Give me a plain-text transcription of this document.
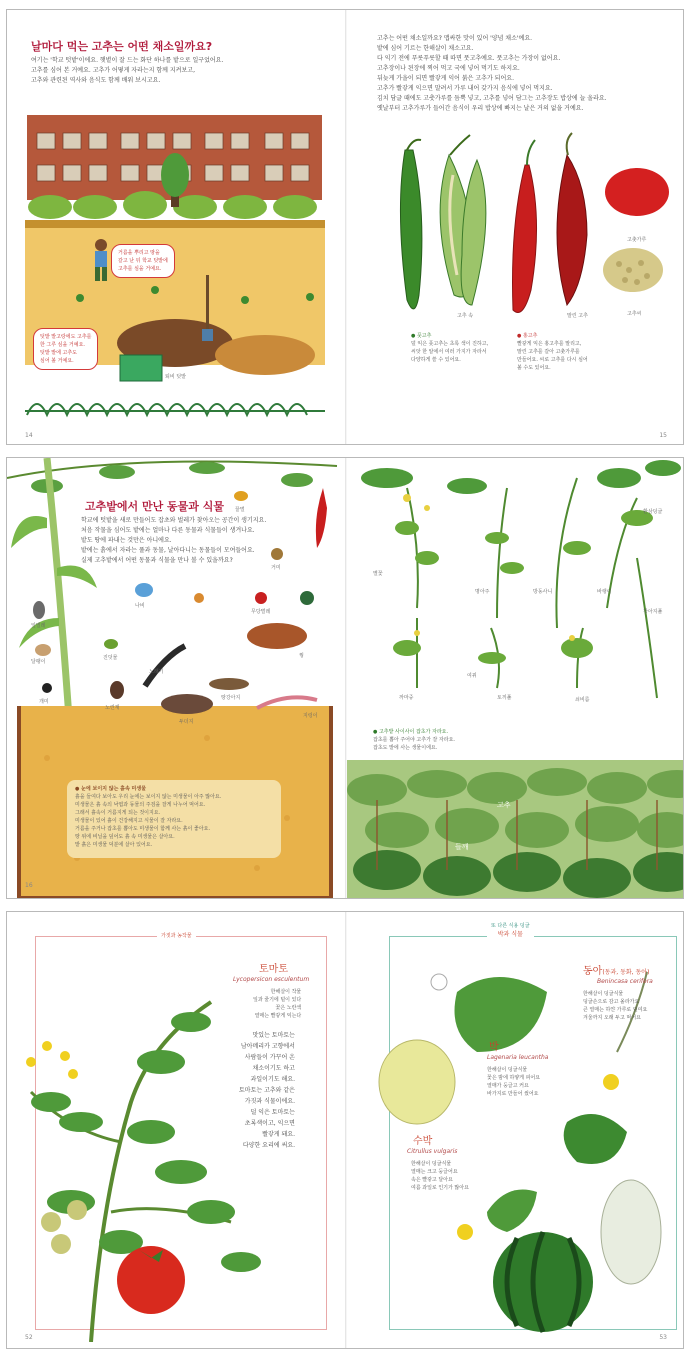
날마다 먹는 고추는 어떤 채소일까요?
여기는 '학교 텃밭'이에요. 햇볕이 잘 드는 화단 하나를 밭으로 일구었어요.
고추를 심어 본 거예요. 고추가 어떻게 자라는지 함께 지켜보고,
고추와 관련된 역사와 음식도 함께 배워 보시고요.
거름을 뿌리고 땅을
갈고 난 뒤 학교 텃밭에
고추를 심을 거예요.
텃밭 밭고랑에도 고추를
한 그루 심을 거예요.
텃밭 밭에 고추도
심어 볼 거예요.
퇴비 텃밭
14
고추는 어떤 채소일까요? 맵싸한 맛이 있어 '양념 채소'예요.
밭에 심어 기르는 한해살이 채소고요.
다 익기 전에 푸릇푸릇할 때 따면 풋고추예요. 풋고추는 가장이 없어요.
고추장이나 된장에 찍어 먹고 국에 넣어 먹기도 하지요.
뒤늦게 가을이 되면 빨갛게 익어 붉은 고추가 되어요.
고추가 빨갛게 익으면 말려서 가루 내어 갖가지 음식에 넣어 먹지요.
김치 담글 때에도 고춧가루를 듬뿍 넣고, 고추를 넣어 담그는 고추장도 밥상에 늘 올라요.
옛날부터 고추가루가 들어간 음식이 우리 밥상에 빠지는 날은 거의 없을 거예요.
고추 속	말린 고추
고춧가루
고추씨
● 풋고추
덜 익은 풋고추는 초록 색이 진하고,
씨앗 한 알에서 여러 가지가 자라서
다양하게 쓸 수 있어요.
● 홍고추
빨갛게 익은 홍고추를 말리고,
말린 고추를 갈아 고춧가루를
만들어요. 씨로 고추를 다시 심어
볼 수도 있어요.
15
고추밭에서 만난 동물과 식물
학교에 텃밭을 새로 만들어도 잡초와 벌레가 찾아오는 공간이 생기지요.
처음 작물을 심어도 밭에는 얼마나 다른 동물과 식물들이 생겨나요.
밭도 땅에 파내는 것만은 아니에요.
밭에는 흙에서 자라는 풀과 동물, 날아다니는 동물들이 모여들어요.
실제 고추밭에서 어떤 동물과 식물을 만나 볼 수 있을까요?
나비
무당벌레
꿀벌
거미
꿩
개미
달팽이
진딧물
노린재
지렁이
두더지
땅강아지
노래기
잎벌레
● 눈에 보이지 않는 흙속 미생물
흙을 들여다 보아도 우리 눈에는 보이지 않는 미생물이 아주 많아요.
미생물은 흙 속의 낙엽과 동물의 주검을 잘게 나누어 먹어요.
그래서 흙속이 거름지게 되는 것이지요.
미생물이 있어 흙이 건강해지고 식물이 잘 자라요.
거름을 주거나 잡초를 뽑아도 미생물이 함께 사는 흙이 좋아요.
땅 위에 비닐을 덮어도 흙 속 미생물은 살아요.
밭 흙은 미생물 덕분에 살아 있어요.
16
별꽃
명아주
쇠비름
바랭이
강아지풀
토끼풀
환삼덩굴
방동사니
여뀌
까마중
● 고추밭 사이사이 잡초가 자라요.
잡초를 뽑아 주어야 고추가 잘 자라요.
잡초도 밭에 사는 생물이에요.
고추
들깨
가짓과 농작물
토마토
Lycopersicon esculentum
한해살이 작물
잎과 줄기에 털이 있다
꽃은 노란색
열매는 빨갛게 익는다
맛있는 토마토는
남아메리카 고향에서
사람들이 가꾸어 온
채소이기도 하고
과일이기도 해요.
토마토는 고추와 같은
가짓과 식물이에요.
덜 익은 토마토는
초록색이고, 익으면
빨갛게 돼요.
다양한 요리에 써요.
52
또 다른 식용 덩굴
박과 식물
동아(동과, 동화, 동아)
Benincasa cerifera
한해살이 덩굴식물
덩굴손으로 감고 올라가요
큰 열매는 하얀 가루로 덮여요
겨울까지 오래 두고 먹어요
박
Lagenaria leucantha
한해살이 덩굴식물
꽃은 밤에 하얗게 피어요
열매가 둥글고 커요
바가지로 만들어 썼어요
수박
Citrullus vulgaris
한해살이 덩굴식물
열매는 크고 둥글어요
속은 빨갛고 달아요
여름 과일로 인기가 많아요
53
